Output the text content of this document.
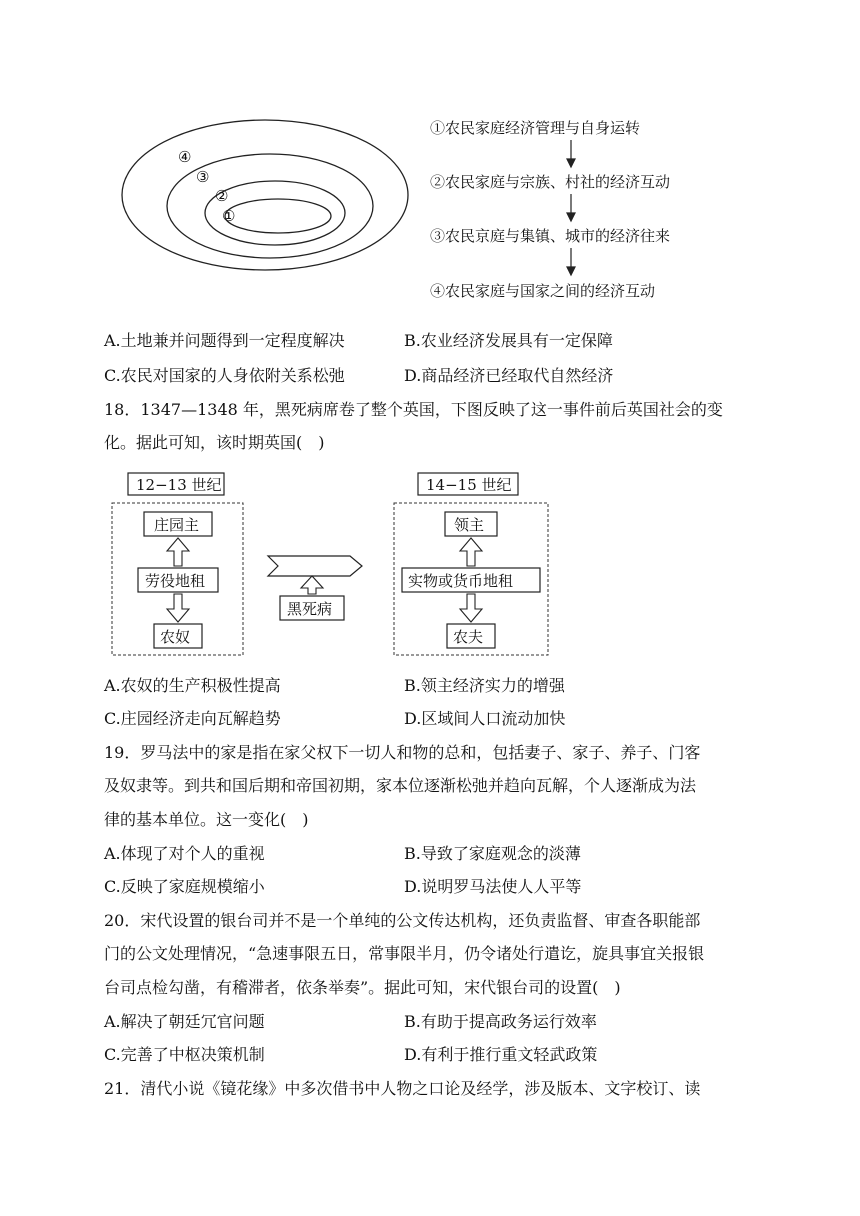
④
③
②
①
①农民家庭经济管理与自身运转
②农民家庭与宗族、村社的经济互动
③农民京庭与集镇、城市的经济往来
④农民家庭与国家之间的经济互动
A.土地兼并问题得到一定程度解决	B.农业经济发展具有一定保障
C.农民对国家的人身依附关系松弛	D.商品经济已经取代自然经济
18．1347—1348 年，黑死病席卷了整个英国，下图反映了这一事件前后英国社会的变
化。据此可知，该时期英国(　)
12−13 世纪
庄园主
劳役地租
农奴
黑死病
14−15 世纪
领主
实物或货币地租
农夫
A.农奴的生产积极性提高	B.领主经济实力的增强
C.庄园经济走向瓦解趋势	D.区域间人口流动加快
19．罗马法中的家是指在家父权下一切人和物的总和，包括妻子、家子、养子、门客
及奴隶等。到共和国后期和帝国初期，家本位逐渐松弛并趋向瓦解，个人逐渐成为法
律的基本单位。这一变化(　)
A.体现了对个人的重视	B.导致了家庭观念的淡薄
C.反映了家庭规模缩小	D.说明罗马法使人人平等
20．宋代设置的银台司并不是一个单纯的公文传达机构，还负责监督、审查各职能部
门的公文处理情况，“急速事限五日，常事限半月，仍令诸处行遣讫，旋具事宜关报银
台司点检勾凿，有稽滞者，依条举奏”。据此可知，宋代银台司的设置(　)
A.解决了朝廷冗官问题	B.有助于提高政务运行效率
C.完善了中枢决策机制	D.有利于推行重文轻武政策
21．清代小说《镜花缘》中多次借书中人物之口论及经学，涉及版本、文字校订、读
